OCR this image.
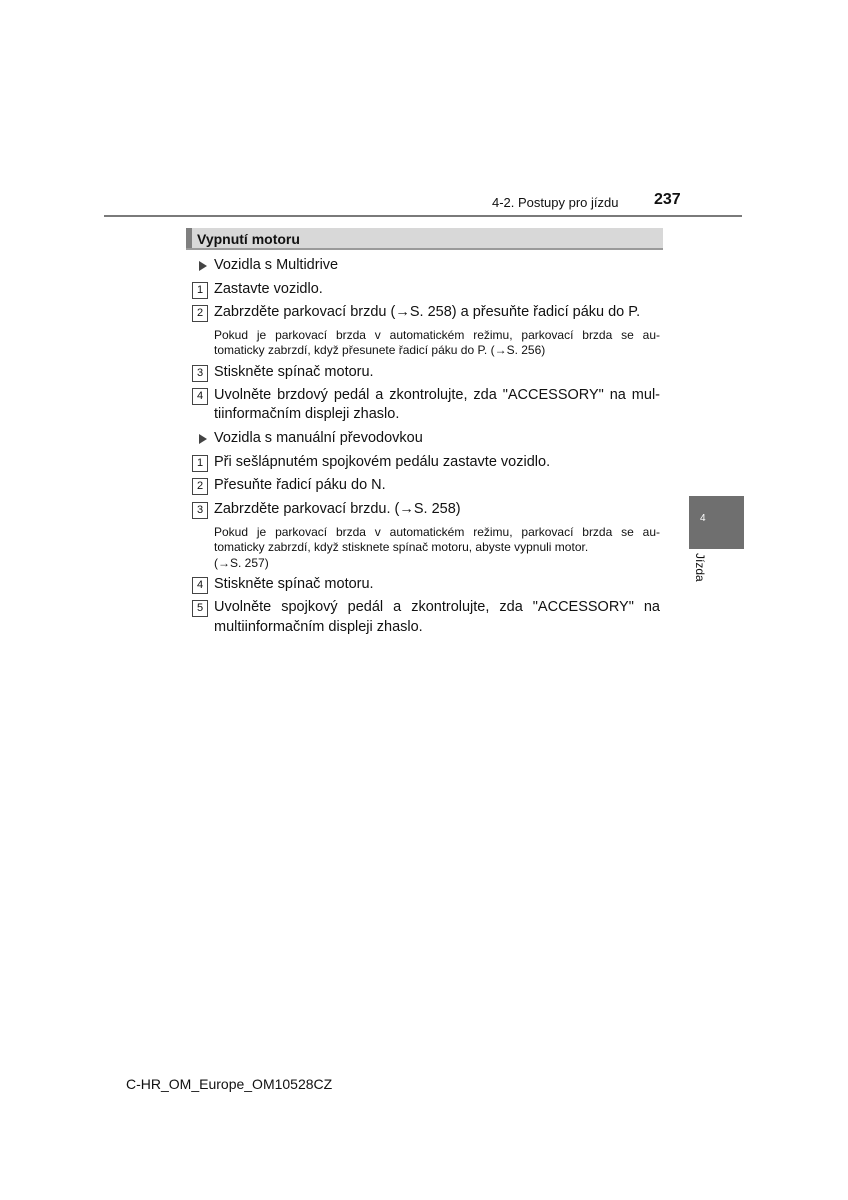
4-2. Postupy pro jízdu 237
Vypnutí motoru
Vozidla s Multidrive
1 Zastavte vozidlo.
2 Zabrzděte parkovací brzdu (→S. 258) a přesuňte řadicí páku do P.
Pokud je parkovací brzda v automatickém režimu, parkovací brzda se au-
tomaticky zabrzdí, když přesunete řadicí páku do P. (→S. 256)
3 Stiskněte spínač motoru.
4 Uvolněte brzdový pedál a zkontrolujte, zda "ACCESSORY" na mul-
tiinformačním displeji zhaslo.
Vozidla s manuální převodovkou
1 Při sešlápnutém spojkovém pedálu zastavte vozidlo.
2 Přesuňte řadicí páku do N.
3 Zabrzděte parkovací brzdu. (→S. 258)
Pokud je parkovací brzda v automatickém režimu, parkovací brzda se au-
tomaticky zabrzdí, když stisknete spínač motoru, abyste vypnuli motor.
(→S. 257)
4 Stiskněte spínač motoru.
5 Uvolněte spojkový pedál a zkontrolujte, zda "ACCESSORY" na
multiinformačním displeji zhaslo.
4
Jízda
C-HR_OM_Europe_OM10528CZ
